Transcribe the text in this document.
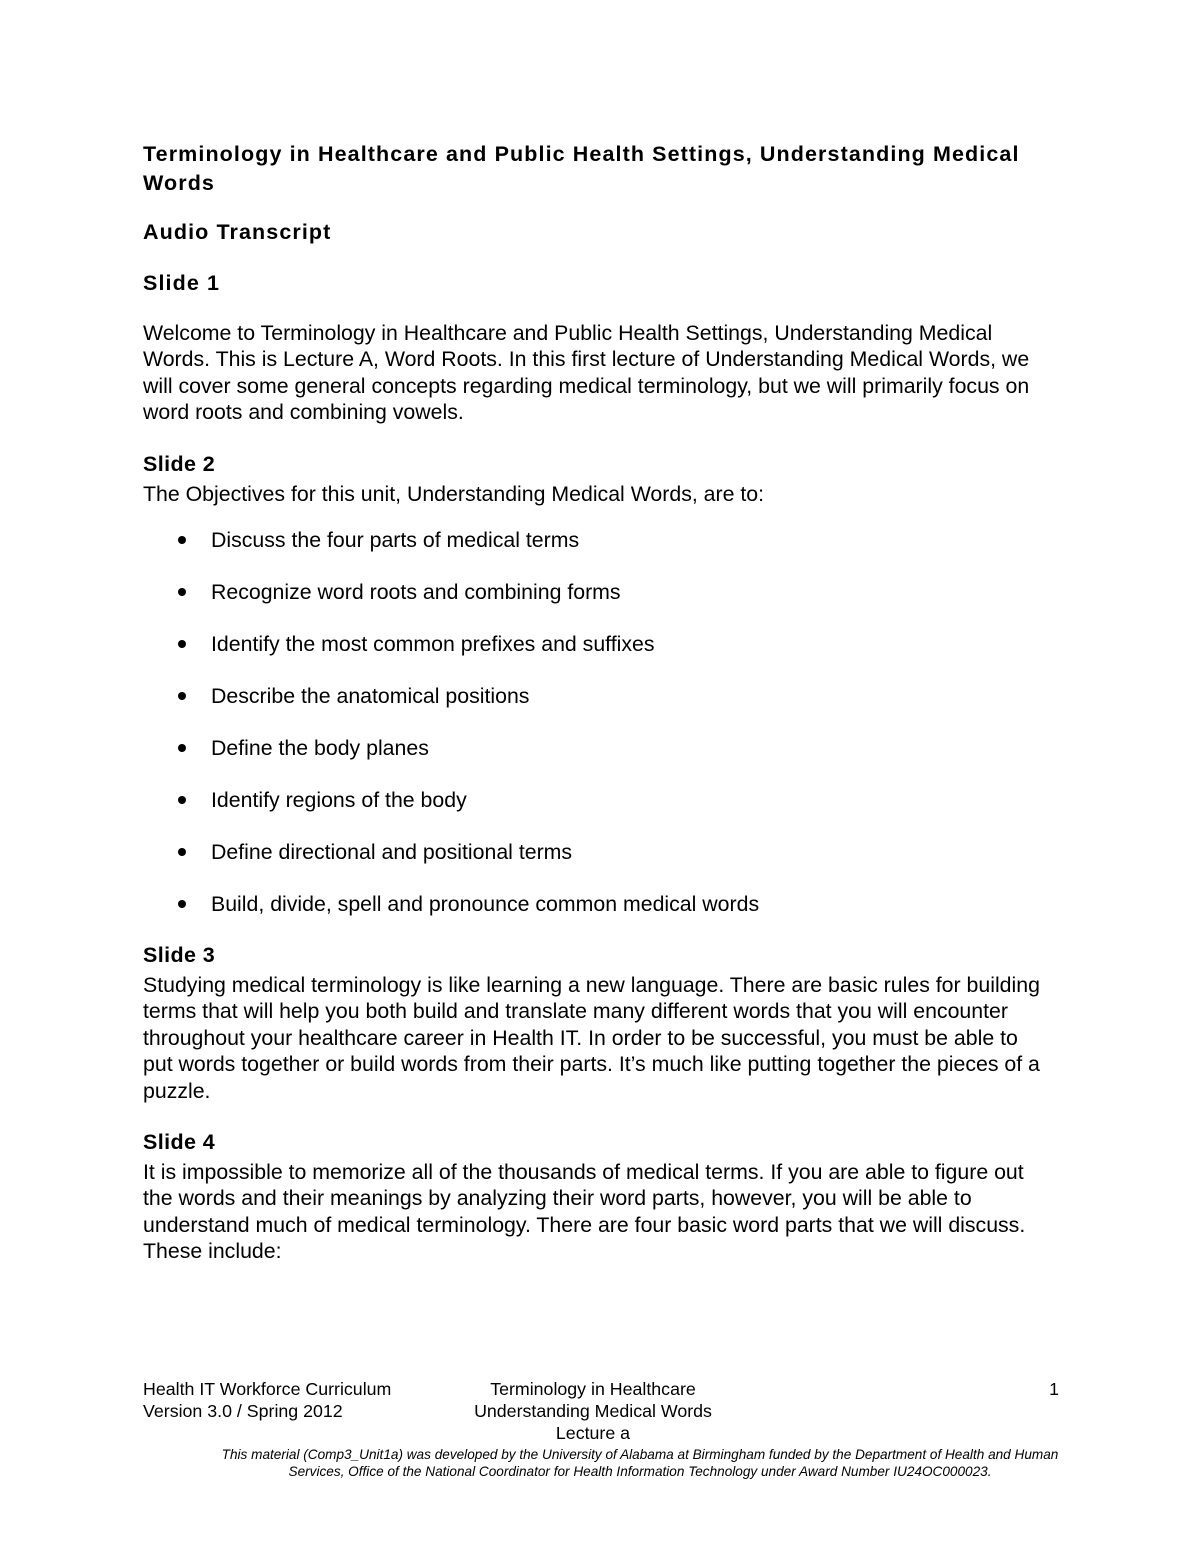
Terminology in Healthcare and Public Health Settings, Understanding Medical Words

Audio Transcript

Slide 1

Welcome to Terminology in Healthcare and Public Health Settings, Understanding Medical Words. This is Lecture A, Word Roots. In this first lecture of Understanding Medical Words, we will cover some general concepts regarding medical terminology, but we will primarily focus on word roots and combining vowels.

Slide 2

The Objectives for this unit, Understanding Medical Words, are to:

Discuss the four parts of medical terms
Recognize word roots and combining forms
Identify the most common prefixes and suffixes
Describe the anatomical positions
Define the body planes
Identify regions of the body
Define directional and positional terms
Build, divide, spell and pronounce common medical words

Slide 3

Studying medical terminology is like learning a new language. There are basic rules for building terms that will help you both build and translate many different words that you will encounter throughout your healthcare career in Health IT. In order to be successful, you must be able to put words together or build words from their parts. It’s much like putting together the pieces of a puzzle.

Slide 4

It is impossible to memorize all of the thousands of medical terms. If you are able to figure out the words and their meanings by analyzing their word parts, however, you will be able to understand much of medical terminology. There are four basic word parts that we will discuss. These include:

Health IT Workforce Curriculum
Version 3.0 / Spring 2012
Terminology in Healthcare
Understanding Medical Words
Lecture a
1
This material (Comp3_Unit1a) was developed by the University of Alabama at Birmingham funded by the Department of Health and Human
Services, Office of the National Coordinator for Health Information Technology under Award Number IU24OC000023.
